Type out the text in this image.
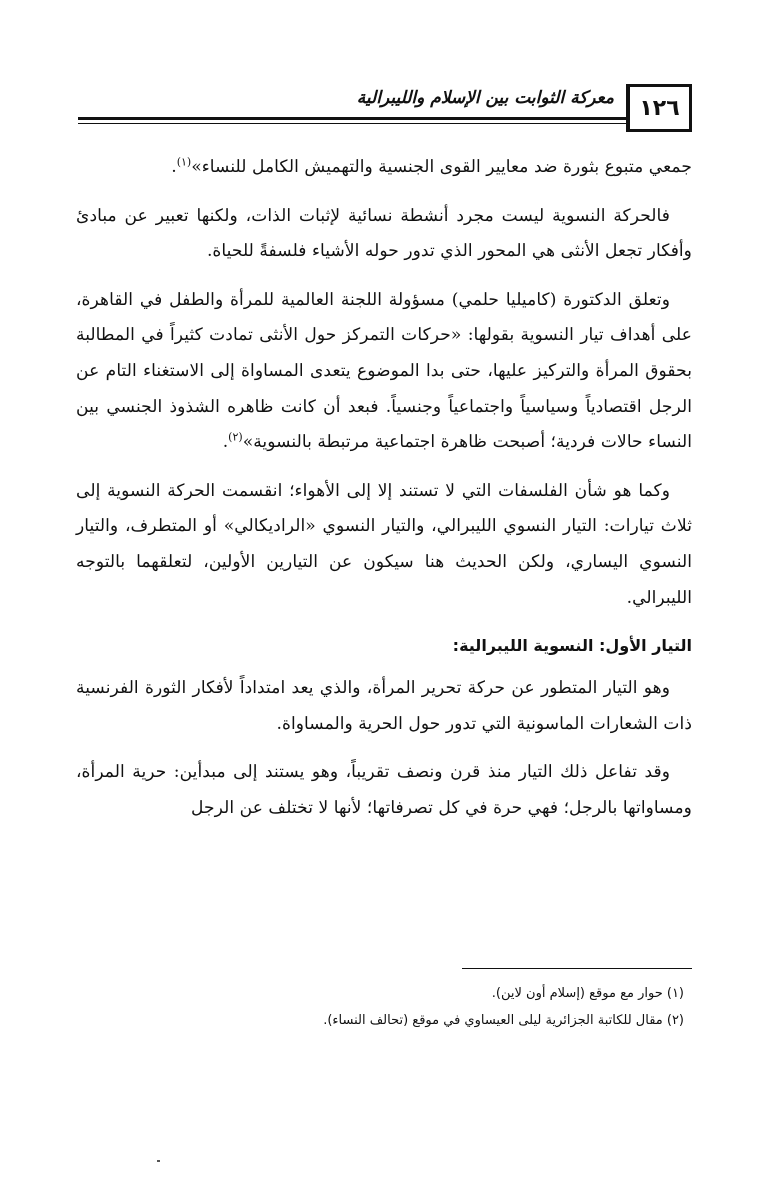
١٢٦
معركة الثوابت بين الإسلام والليبرالية

جمعي متبوع بثورة ضد معايير القوى الجنسية والتهميش الكامل للنساء»$^{(١)}$.

فالحركة النسوية ليست مجرد أنشطة نسائية لإثبات الذات، ولكنها تعبير عن مبادئ وأفكار تجعل الأنثى هي المحور الذي تدور حوله الأشياء فلسفةً للحياة.

وتعلق الدكتورة (كاميليا حلمي) مسؤولة اللجنة العالمية للمرأة والطفل في القاهرة، على أهداف تيار النسوية بقولها: «حركات التمركز حول الأنثى تمادت كثيراً في المطالبة بحقوق المرأة والتركيز عليها، حتى بدا الموضوع يتعدى المساواة إلى الاستغناء التام عن الرجل اقتصادياً وسياسياً واجتماعياً وجنسياً. فبعد أن كانت ظاهره الشذوذ الجنسي بين النساء حالات فردية؛ أصبحت ظاهرة اجتماعية مرتبطة بالنسوية»$^{(٢)}$.

وكما هو شأن الفلسفات التي لا تستند إلا إلى الأهواء؛ انقسمت الحركة النسوية إلى ثلاث تيارات: التيار النسوي الليبرالي، والتيار النسوي «الراديكالي» أو المتطرف، والتيار النسوي اليساري، ولكن الحديث هنا سيكون عن التيارين الأولين، لتعلقهما بالتوجه الليبرالي.

التيار الأول: النسوية الليبرالية:

وهو التيار المتطور عن حركة تحرير المرأة، والذي يعد امتداداً لأفكار الثورة الفرنسية ذات الشعارات الماسونية التي تدور حول الحرية والمساواة.

وقد تفاعل ذلك التيار منذ قرن ونصف تقريباً، وهو يستند إلى مبدأين: حرية المرأة، ومساواتها بالرجل؛ فهي حرة في كل تصرفاتها؛ لأنها لا تختلف عن الرجل

(١) حوار مع موقع (إسلام أون لاين).
(٢) مقال للكاتبة الجزائرية ليلى العيساوي في موقع (تحالف النساء).
